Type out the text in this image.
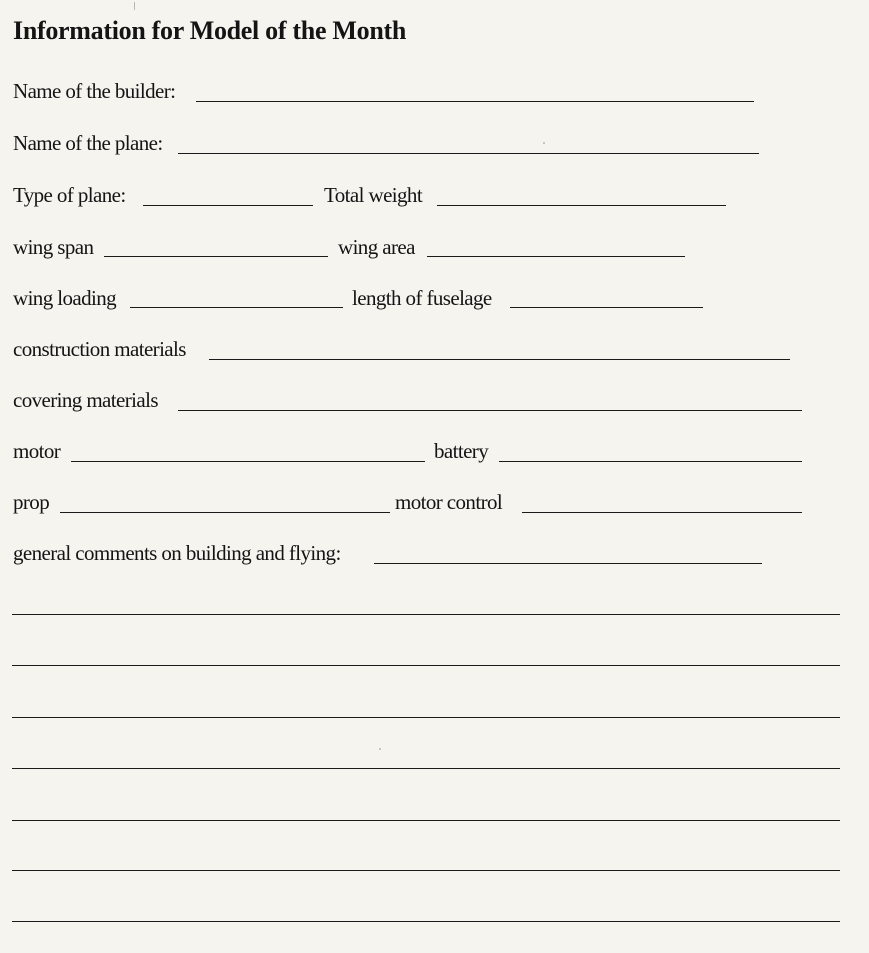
Information for Model of the Month
Name of the builder:
Name of the plane:
Type of plane:	Total weight
wing span	wing area
wing loading	length of fuselage
construction materials
covering materials
motor	battery
prop	motor control
general comments on building and flying:
